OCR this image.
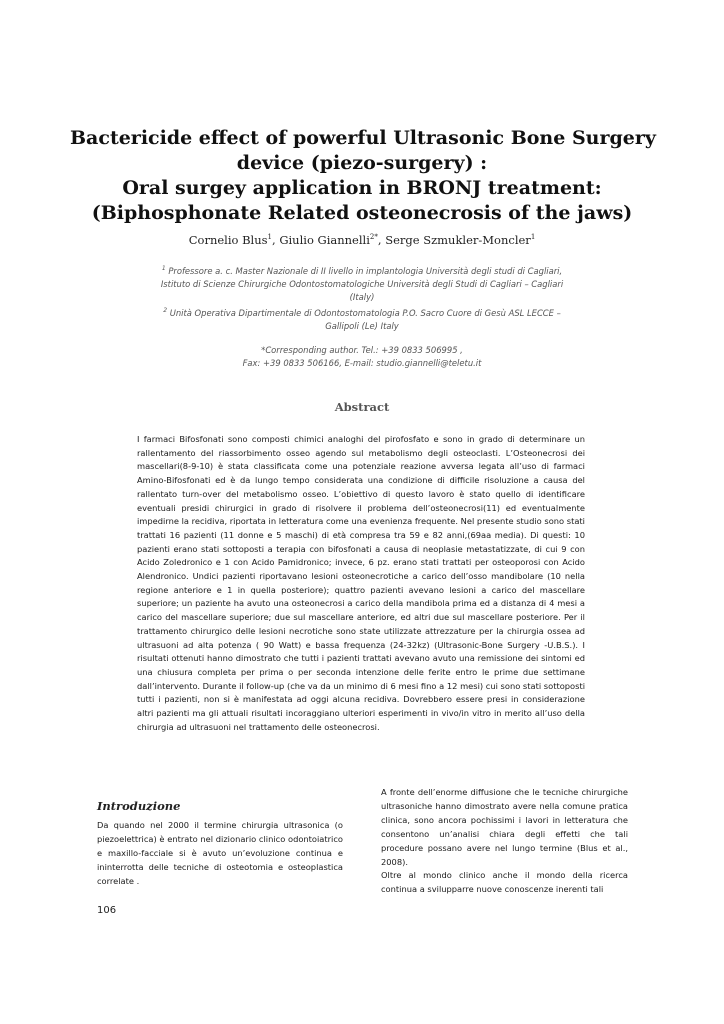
Bactericide effect of powerful Ultrasonic Bone Surgery
device (piezo-surgery) :
Oral surgey application in BRONJ treatment:
(Biphosphonate Related osteonecrosis of the jaws)
Cornelio Blus$^1$, Giulio Giannelli$^{2*}$, Serge Szmukler-Moncler$^1$
$^1$ Professore a. c. Master Nazionale di II livello in implantologia Università degli studi di Cagliari,
Istituto di Scienze Chirurgiche Odontostomatologiche Università degli Studi di Cagliari – Cagliari
(Italy)
$^2$ Unità Operativa Dipartimentale di Odontostomatologia P.O. Sacro Cuore di Gesù ASL LECCE –
Gallipoli (Le) Italy
*Corresponding author. Tel.: +39 0833 506995 ,
Fax: +39 0833 506166, E-mail: studio.giannelli@teletu.it
Abstract

I farmaci Bifosfonati sono composti chimici analoghi del pirofosfato e sono in grado di determinare un rallentamento del riassorbimento osseo agendo sul metabolismo degli osteoclasti. L’Osteonecrosi dei mascellari(8-9-10) è stata classificata come una potenziale reazione avversa legata all’uso di farmaci Amino-Bifosfonati ed è da lungo tempo considerata una condizione di difficile risoluzione a causa del rallentato turn-over del metabolismo osseo. L’obiettivo di questo lavoro è stato quello di identificare eventuali presidi chirurgici in grado di risolvere il problema dell’osteonecrosi(11) ed eventualmente impedirne la recidiva, riportata in letteratura come una evenienza frequente. Nel presente studio sono stati trattati 16 pazienti (11 donne e 5 maschi) di età compresa tra 59 e 82 anni,(69aa media). Di questi: 10 pazienti erano stati sottoposti a terapia con bifosfonati a causa di neoplasie metastatizzate, di cui 9 con Acido Zoledronico e 1 con Acido Pamidronico; invece, 6 pz. erano stati trattati per osteoporosi con Acido Alendronico. Undici pazienti riportavano lesioni osteonecrotiche a carico dell’osso mandibolare (10 nella regione anteriore e 1 in quella posteriore); quattro pazienti avevano lesioni a carico del mascellare superiore; un paziente ha avuto una osteonecrosi a carico della mandibola prima ed a distanza di 4 mesi a carico del mascellare superiore; due sul mascellare anteriore, ed altri due sul mascellare posteriore. Per il trattamento chirurgico delle lesioni necrotiche sono state utilizzate attrezzature per la chirurgia ossea ad ultrasuoni ad alta potenza ( 90 Watt) e bassa frequenza (24-32kz) (Ultrasonic-Bone Surgery -U.B.S.). I risultati ottenuti hanno dimostrato che tutti i pazienti trattati avevano avuto una remissione dei sintomi ed una chiusura completa per prima o per seconda intenzione delle ferite entro le prime due settimane dall’intervento. Durante il follow-up (che va da un minimo di 6 mesi fino a 12 mesi) cui sono stati sottoposti tutti i pazienti, non si è manifestata ad oggi alcuna recidiva. Dovrebbero essere presi in considerazione altri pazienti ma gli attuali risultati incoraggiano ulteriori esperimenti in vivo/in vitro in merito all’uso della chirurgia ad ultrasuoni nel trattamento delle osteonecrosi.

Introduzione

Da quando nel 2000 il termine chirurgia ultrasonica (o piezoelettrica) è entrato nel dizionario clinico odontoiatrico e maxillo-facciale si è avuto un’evoluzione continua e ininterrotta delle tecniche di osteotomia e osteoplastica correlate .

A fronte dell’enorme diffusione che le tecniche chirurgiche ultrasoniche hanno dimostrato avere nella comune pratica clinica, sono ancora pochissimi i lavori in letteratura che consentono un’analisi chiara degli effetti che tali procedure possano avere nel lungo termine (Blus et al., 2008).

Oltre al mondo clinico anche il mondo della ricerca continua a svilupparre nuove conoscenze inerenti tali

106
